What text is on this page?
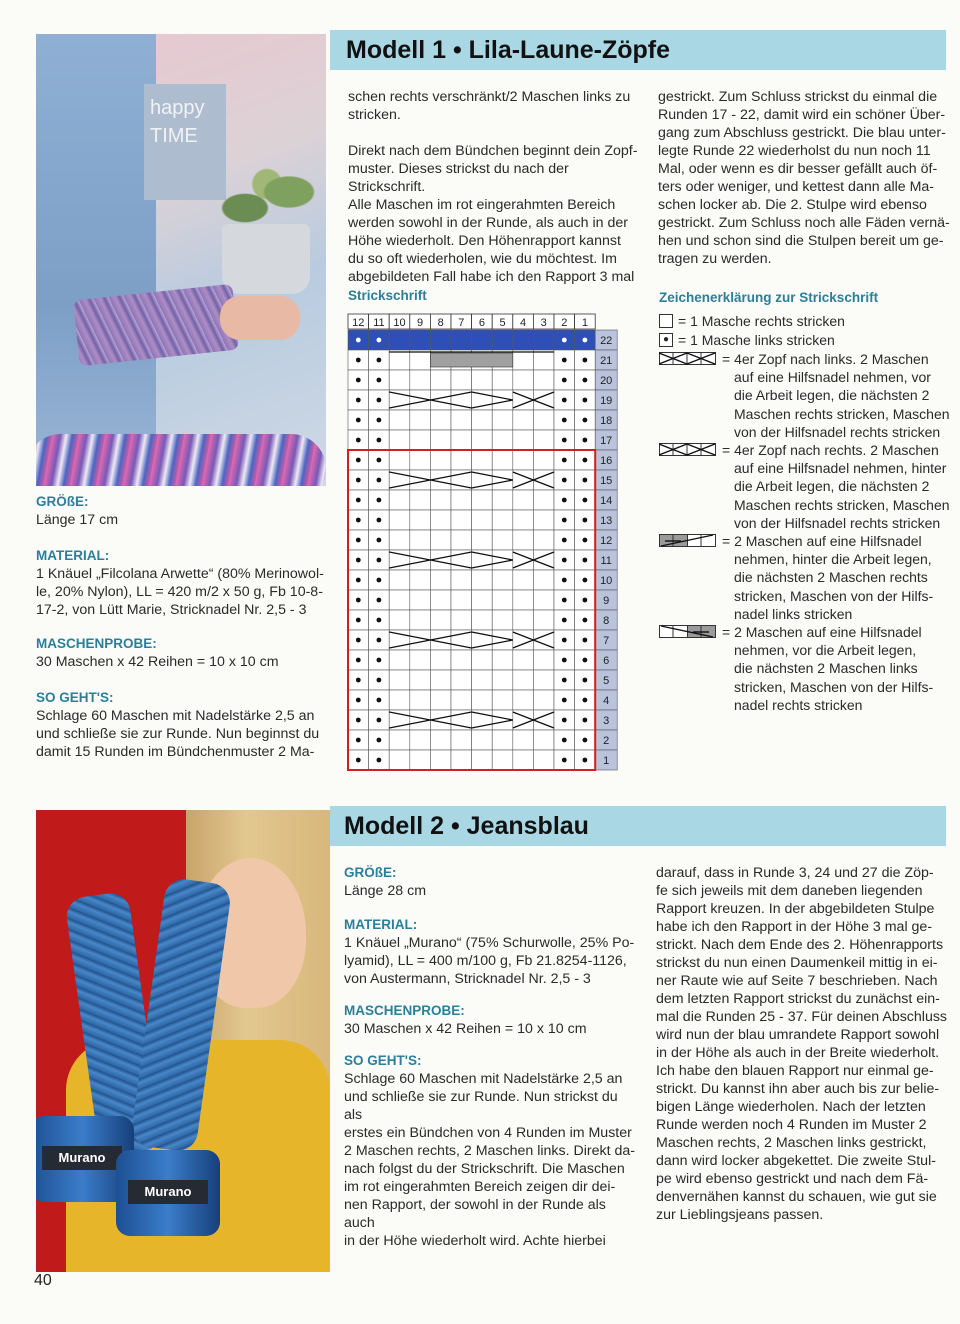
happy TIME
Modell 1 • Lila-Laune-Zöpfe
GRÖßE:
Länge 17 cm
MATERIAL:
1 Knäuel „Filcolana Arwette“ (80% Merinowol-
le, 20% Nylon), LL = 420 m/2 x 50 g, Fb 10-8-
17-2, von Lütt Marie, Stricknadel Nr. 2,5 - 3
MASCHENPROBE:
30 Maschen x 42 Reihen = 10 x 10 cm
SO GEHT'S:
Schlage 60 Maschen mit Nadelstärke 2,5 an
und schließe sie zur Runde. Nun beginnst du
damit 15 Runden im Bündchenmuster 2 Ma-
schen rechts verschränkt/2 Maschen links zu
stricken.
Direkt nach dem Bündchen beginnt dein Zopf-
muster. Dieses strickst du nach der Strickschrift.
Alle Maschen im rot eingerahmten Bereich
werden sowohl in der Runde, als auch in der
Höhe wiederholt. Den Höhenrapport kannst
du so oft wiederholen, wie du möchtest. Im
abgebildeten Fall habe ich den Rapport 3 mal
gestrickt. Zum Schluss strickst du einmal die
Runden 17 - 22, damit wird ein schöner Über-
gang zum Abschluss gestrickt. Die blau unter-
legte Runde 22 wiederholst du nun noch 11
Mal, oder wenn es dir besser gefällt auch öf-
ters oder weniger, und kettest dann alle Ma-
schen locker ab. Die 2. Stulpe wird ebenso
gestrickt. Zum Schluss noch alle Fäden vernä-
hen und schon sind die Stulpen bereit um ge-
tragen zu werden.
Strickschrift
12 11 10 9 8 7 6 5 4 3 2 1
22
21
20
19
18
17
16
15
14
13
12
11
10
9
8
7
6
5
4
3
2
1
Zeichenerklärung zur Strickschrift
= 1 Masche rechts stricken
● = 1 Masche links stricken
= 4er Zopf nach links. 2 Maschen
auf eine Hilfsnadel nehmen, vor
die Arbeit legen, die nächsten 2
Maschen rechts stricken, Maschen
von der Hilfsnadel rechts stricken
= 4er Zopf nach rechts. 2 Maschen
auf eine Hilfsnadel nehmen, hinter
die Arbeit legen, die nächsten 2
Maschen rechts stricken, Maschen
von der Hilfsnadel rechts stricken
= 2 Maschen auf eine Hilfsnadel
nehmen, hinter die Arbeit legen,
die nächsten 2 Maschen rechts
stricken, Maschen von der Hilfs-
nadel links stricken
= 2 Maschen auf eine Hilfsnadel
nehmen, vor die Arbeit legen,
die nächsten 2 Maschen links
stricken, Maschen von der Hilfs-
nadel rechts stricken
Murano
Murano
Modell 2 • Jeansblau
GRÖßE:
Länge 28 cm
MATERIAL:
1 Knäuel „Murano“ (75% Schurwolle, 25% Po-
lyamid), LL = 400 m/100 g, Fb 21.8254-1126,
von Austermann, Stricknadel Nr. 2,5 - 3
MASCHENPROBE:
30 Maschen x 42 Reihen = 10 x 10 cm
SO GEHT'S:
Schlage 60 Maschen mit Nadelstärke 2,5 an
und schließe sie zur Runde. Nun strickst du als
erstes ein Bündchen von 4 Runden im Muster
2 Maschen rechts, 2 Maschen links. Direkt da-
nach folgst du der Strickschrift. Die Maschen
im rot eingerahmten Bereich zeigen dir dei-
nen Rapport, der sowohl in der Runde als auch
in der Höhe wiederholt wird. Achte hierbei
darauf, dass in Runde 3, 24 und 27 die Zöp-
fe sich jeweils mit dem daneben liegenden
Rapport kreuzen. In der abgebildeten Stulpe
habe ich den Rapport in der Höhe 3 mal ge-
strickt. Nach dem Ende des 2. Höhenrapports
strickst du nun einen Daumenkeil mittig in ei-
ner Raute wie auf Seite 7 beschrieben. Nach
dem letzten Rapport strickst du zunächst ein-
mal die Runden 25 - 37. Für deinen Abschluss
wird nun der blau umrandete Rapport sowohl
in der Höhe als auch in der Breite wiederholt.
Ich habe den blauen Rapport nur einmal ge-
strickt. Du kannst ihn aber auch bis zur belie-
bigen Länge wiederholen. Nach der letzten
Runde werden noch 4 Runden im Muster 2
Maschen rechts, 2 Maschen links gestrickt,
dann wird locker abgekettet. Die zweite Stul-
pe wird ebenso gestrickt und nach dem Fä-
denvernähen kannst du schauen, wie gut sie
zur Lieblingsjeans passen.
40
